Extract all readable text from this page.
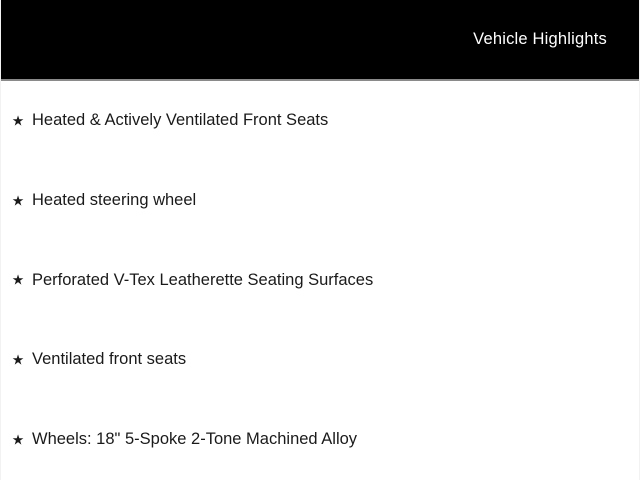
Vehicle Highlights
★ Heated & Actively Ventilated Front Seats
★ Heated steering wheel
★ Perforated V-Tex Leatherette Seating Surfaces
★ Ventilated front seats
★ Wheels: 18" 5-Spoke 2-Tone Machined Alloy
